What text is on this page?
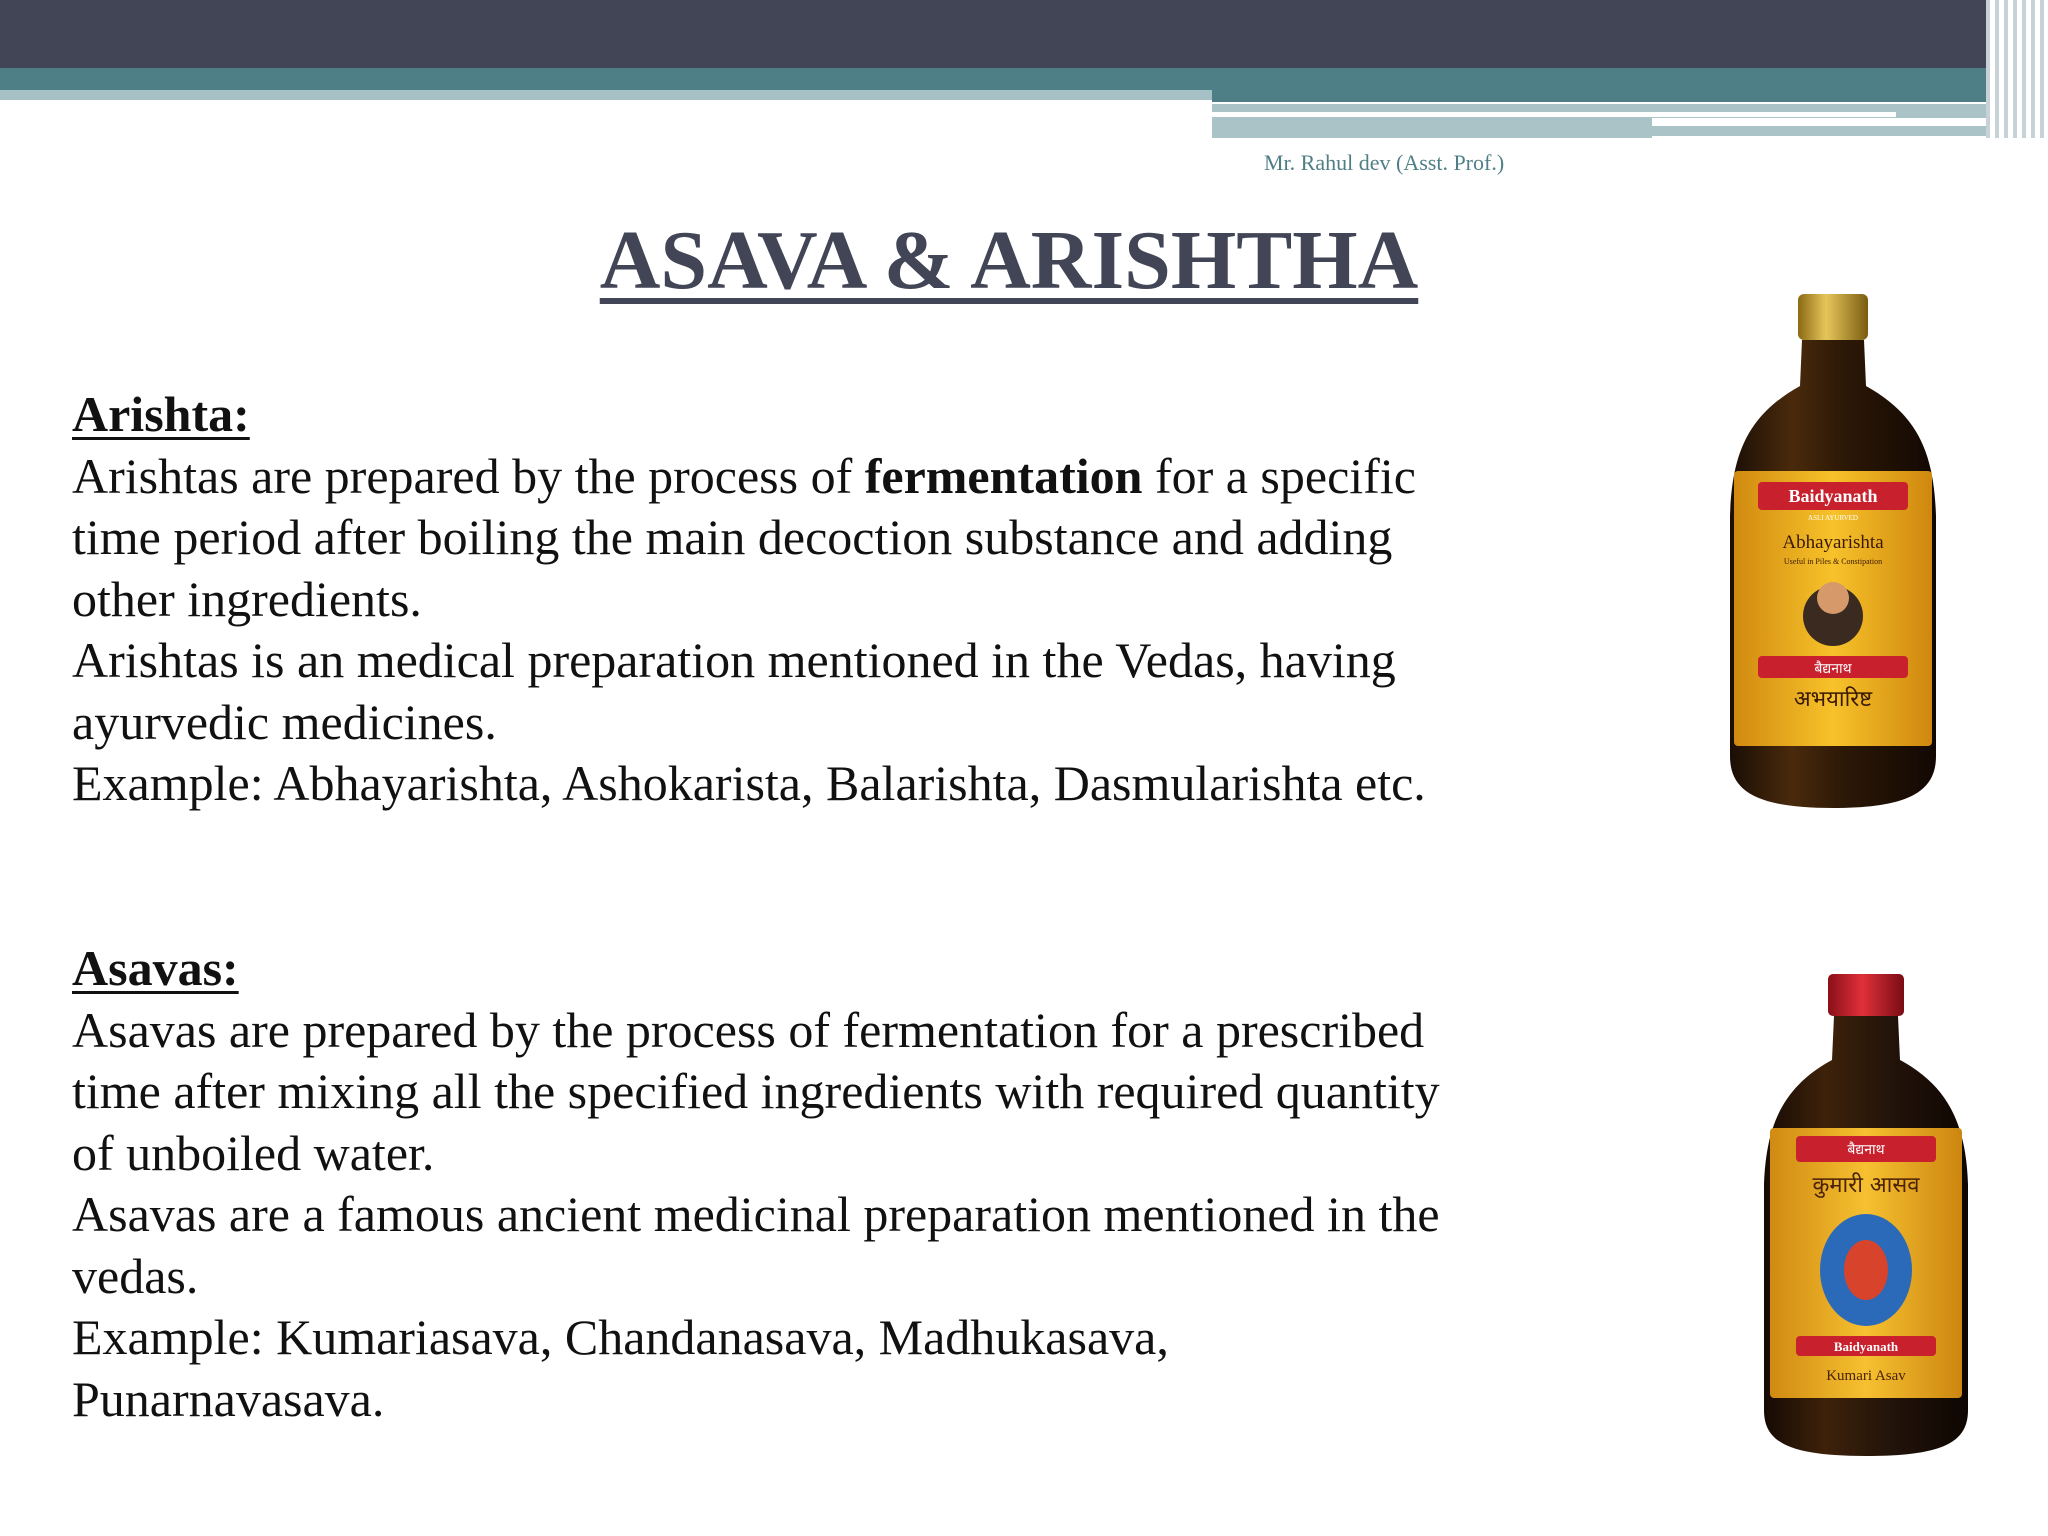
Mr. Rahul dev (Asst. Prof.)
ASAVA & ARISHTHA
Arishta:
Arishtas are prepared by the process of fermentation for a specific
time period after boiling the main decoction substance and adding
other ingredients.
Arishtas is an medical preparation mentioned in the Vedas, having
ayurvedic medicines.
Example: Abhayarishta, Ashokarista, Balarishta, Dasmularishta etc.
Asavas:
Asavas are prepared by the process of fermentation for a prescribed
time after mixing all the specified ingredients with required quantity
of unboiled water.
Asavas are a famous ancient medicinal preparation mentioned in the
vedas.
Example: Kumariasava, Chandanasava, Madhukasava,
Punarnavasava.
Baidyanath
ASLI AYURVED
Abhayarishta
Useful in Piles & Constipation
बैद्यनाथ
अभयारिष्ट
बैद्यनाथ
कुमारी आसव
Baidyanath
Kumari Asav
